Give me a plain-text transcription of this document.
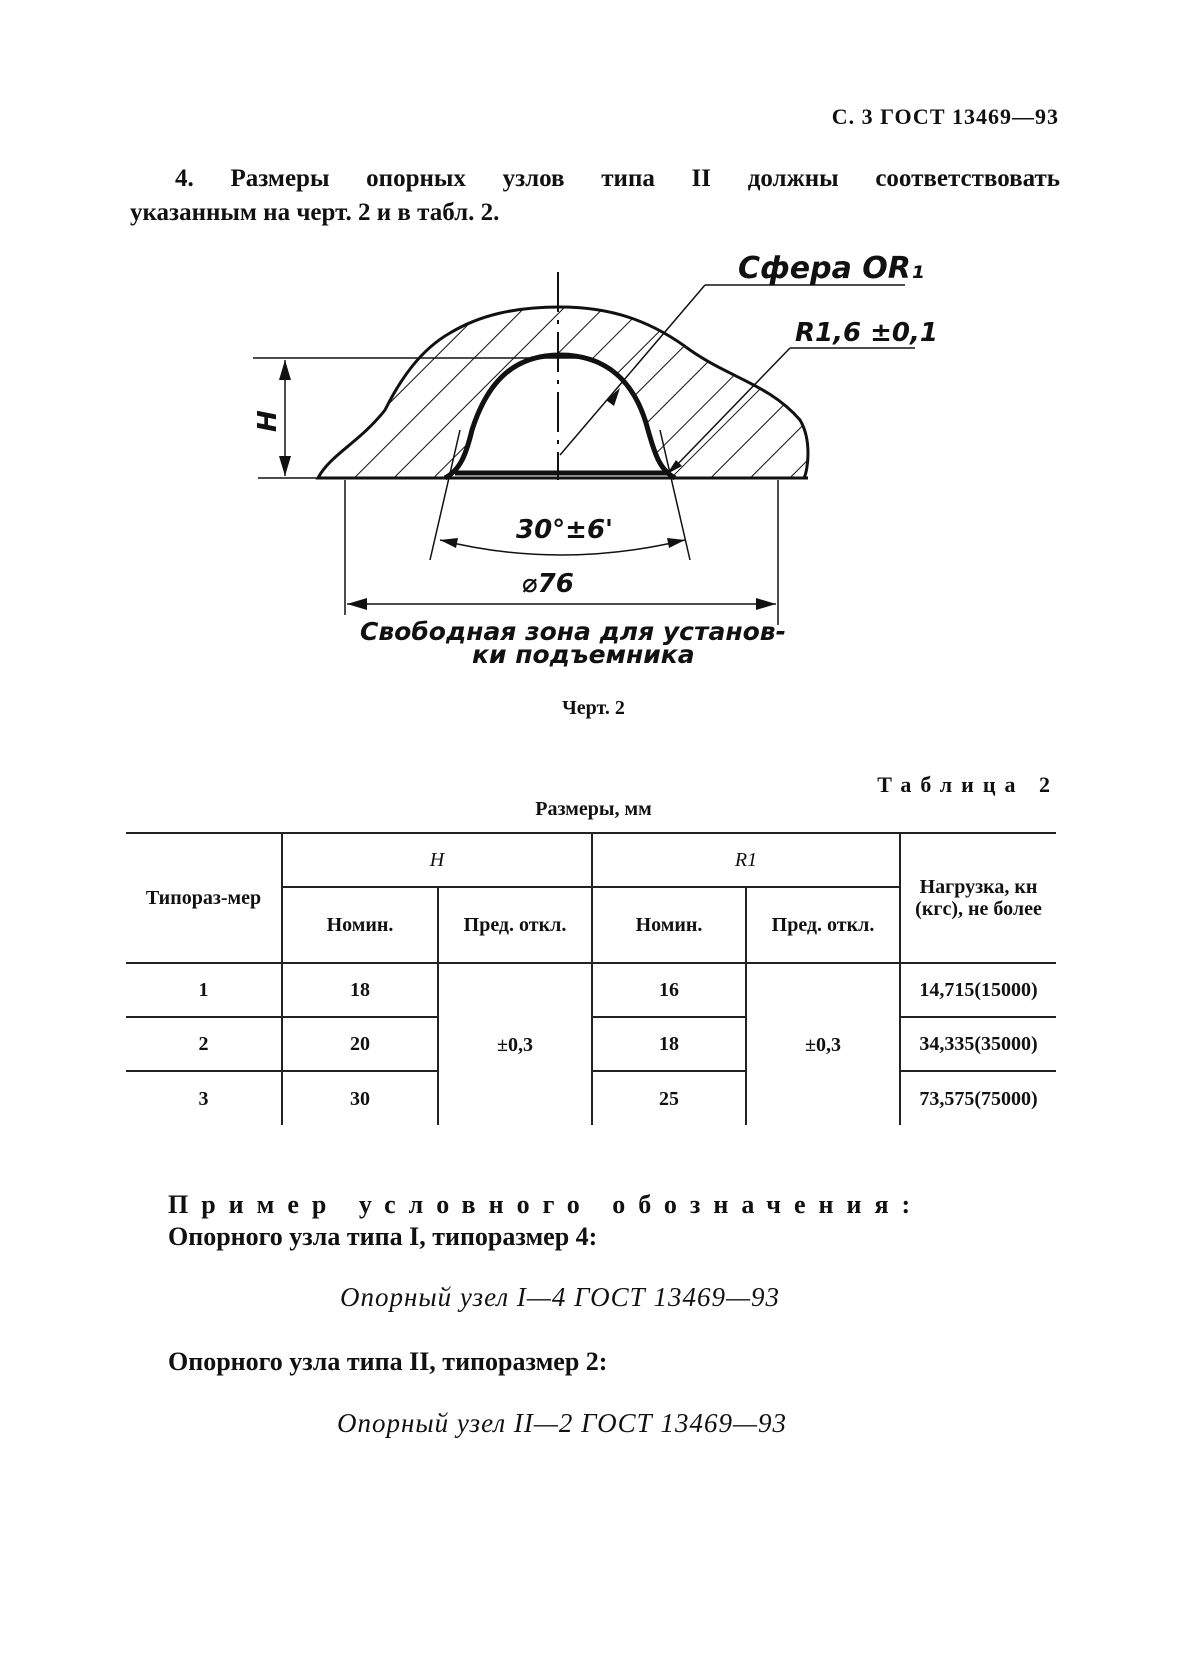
С. 3 ГОСТ 13469—93
4. Размеры опорных узлов типа II должны соответствовать
указанным на черт. 2 и в табл. 2.
H
Сфера OR₁
R1,6 ±0,1
30°±6'
⌀76
Свободная зона для установ-
ки подъемника
Черт. 2
Таблица 2
Размеры, мм
Типораз-мер	H		R1		Нагрузка, кн (кгс), не более
	Номин.	Пред. откл.	Номин.	Пред. откл.	
1	18	±0,3	16	±0,3	14,715(15000)
2	20		18		34,335(35000)
3	30		25		73,575(75000)
Пример условного обозначения:
Опорного узла типа I, типоразмер 4:
Опорный узел I—4 ГОСТ 13469—93
Опорного узла типа II, типоразмер 2:
Опорный узел II—2 ГОСТ 13469—93
